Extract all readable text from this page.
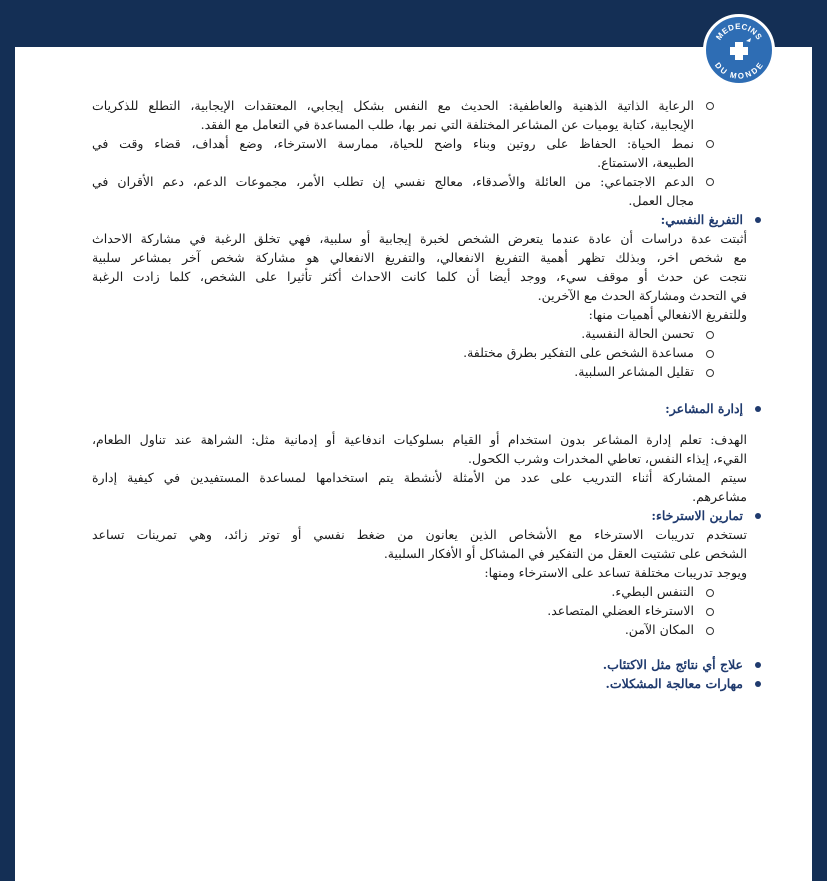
MEDECINS
DU MONDE
الرعاية الذاتية الذهنية والعاطفية: الحديث مع النفس بشكل إيجابي، المعتقدات الإيجابية، التطلع للذكريات
الإيجابية، كتابة يوميات عن المشاعر المختلفة التي نمر بها، طلب المساعدة في التعامل مع الفقد.
نمط الحياة: الحفاظ على روتين وبناء واضح للحياة، ممارسة الاسترخاء، وضع أهداف، قضاء وقت في
الطبيعة، الاستمتاع.
الدعم الاجتماعي: من العائلة والأصدقاء، معالج نفسي إن تطلب الأمر، مجموعات الدعم، دعم الأقران في
مجال العمل.
التفريغ النفسي:
أثبتت عدة دراسات أن عادة عندما يتعرض الشخص لخبرة إيجابية أو سلبية، فهي تخلق الرغبة في مشاركة الاحداث
مع شخص اخر، وبذلك تظهر أهمية التفريغ الانفعالي، والتفريغ الانفعالي هو مشاركة شخص آخر بمشاعر سلبية
نتجت عن حدث أو موقف سيء، ووجد أيضا أن كلما كانت الاحداث أكثر تأثيرا على الشخص، كلما زادت الرغبة
في التحدث ومشاركة الحدث مع الآخرين.
وللتفريغ الانفعالي أهميات منها:
تحسن الحالة النفسية.
مساعدة الشخص على التفكير بطرق مختلفة.
تقليل المشاعر السلبية.
إدارة المشاعر:
الهدف: تعلم إدارة المشاعر بدون استخدام أو القيام بسلوكيات اندفاعية أو إدمانية مثل: الشراهة عند تناول الطعام،
القيء، إيذاء النفس، تعاطي المخدرات وشرب الكحول.
سيتم المشاركة أثناء التدريب على عدد من الأمثلة لأنشطة يتم استخدامها لمساعدة المستفيدين في كيفية إدارة
مشاعرهم.
تمارين الاسترخاء:
تستخدم تدريبات الاسترخاء مع الأشخاص الذين يعانون من ضغط نفسي أو توتر زائد، وهي تمرينات تساعد
الشخص على تشتيت العقل من التفكير في المشاكل أو الأفكار السلبية.
ويوجد تدريبات مختلفة تساعد على الاسترخاء ومنها:
التنفس البطيء.
الاسترخاء العضلي المتصاعد.
المكان الآمن.
علاج أي نتائج مثل الاكتئاب.
مهارات معالجة المشكلات.
